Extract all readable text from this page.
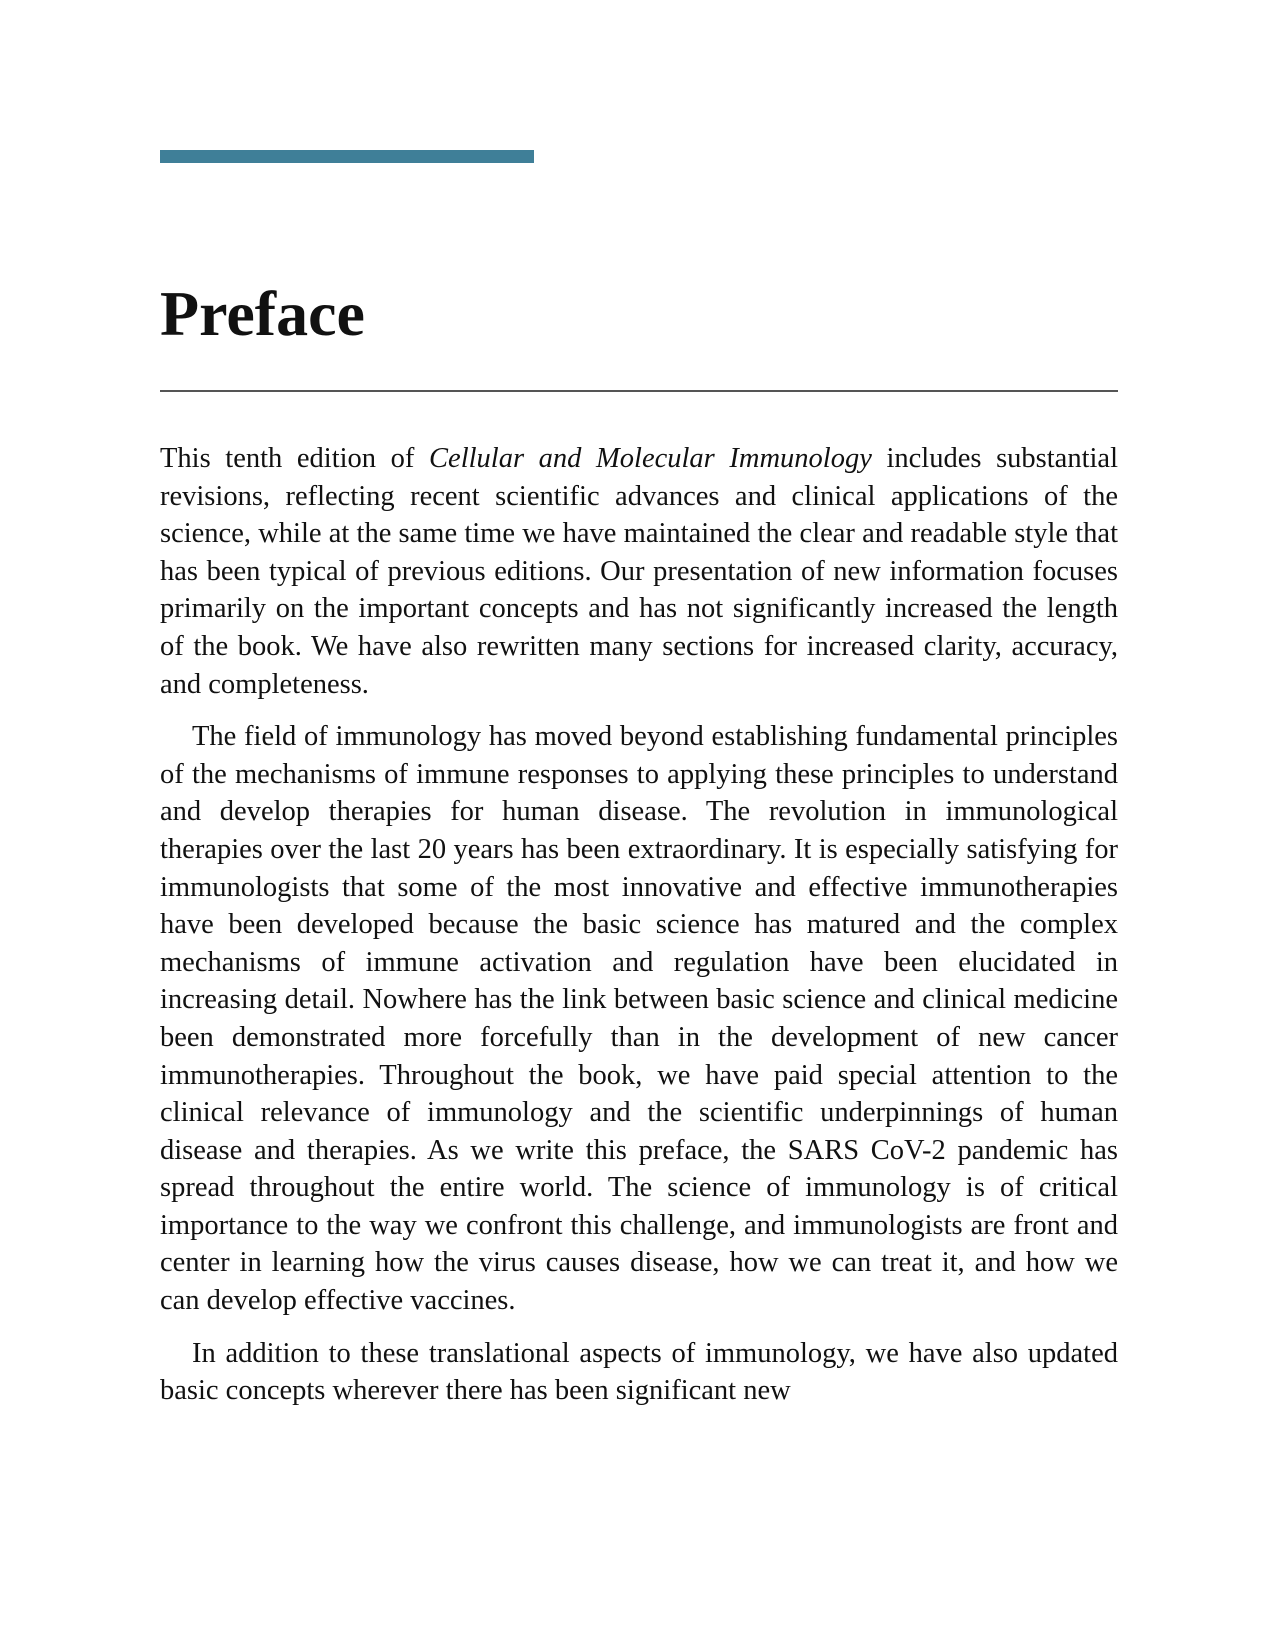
Preface

This tenth edition of Cellular and Molecular Immunology includes substantial revisions, reflecting recent scientific advances and clinical applications of the science, while at the same time we have maintained the clear and readable style that has been typical of previous editions. Our presentation of new information focuses primarily on the important concepts and has not significantly increased the length of the book. We have also rewritten many sections for increased clarity, accuracy, and completeness.

The field of immunology has moved beyond establishing fundamental principles of the mechanisms of immune responses to applying these principles to understand and develop therapies for human disease. The revolution in immunological therapies over the last 20 years has been extraordinary. It is especially satisfying for immunologists that some of the most innovative and effective immunotherapies have been developed because the basic science has matured and the complex mechanisms of immune activation and regulation have been elucidated in increasing detail. Nowhere has the link between basic science and clinical medicine been demonstrated more forcefully than in the development of new cancer immunotherapies. Throughout the book, we have paid special attention to the clinical relevance of immunology and the scientific underpinnings of human disease and therapies. As we write this preface, the SARS CoV-2 pandemic has spread throughout the entire world. The science of immunology is of critical importance to the way we confront this challenge, and immunologists are front and center in learning how the virus causes disease, how we can treat it, and how we can develop effective vaccines.

In addition to these translational aspects of immunology, we have also updated basic concepts wherever there has been significant new
